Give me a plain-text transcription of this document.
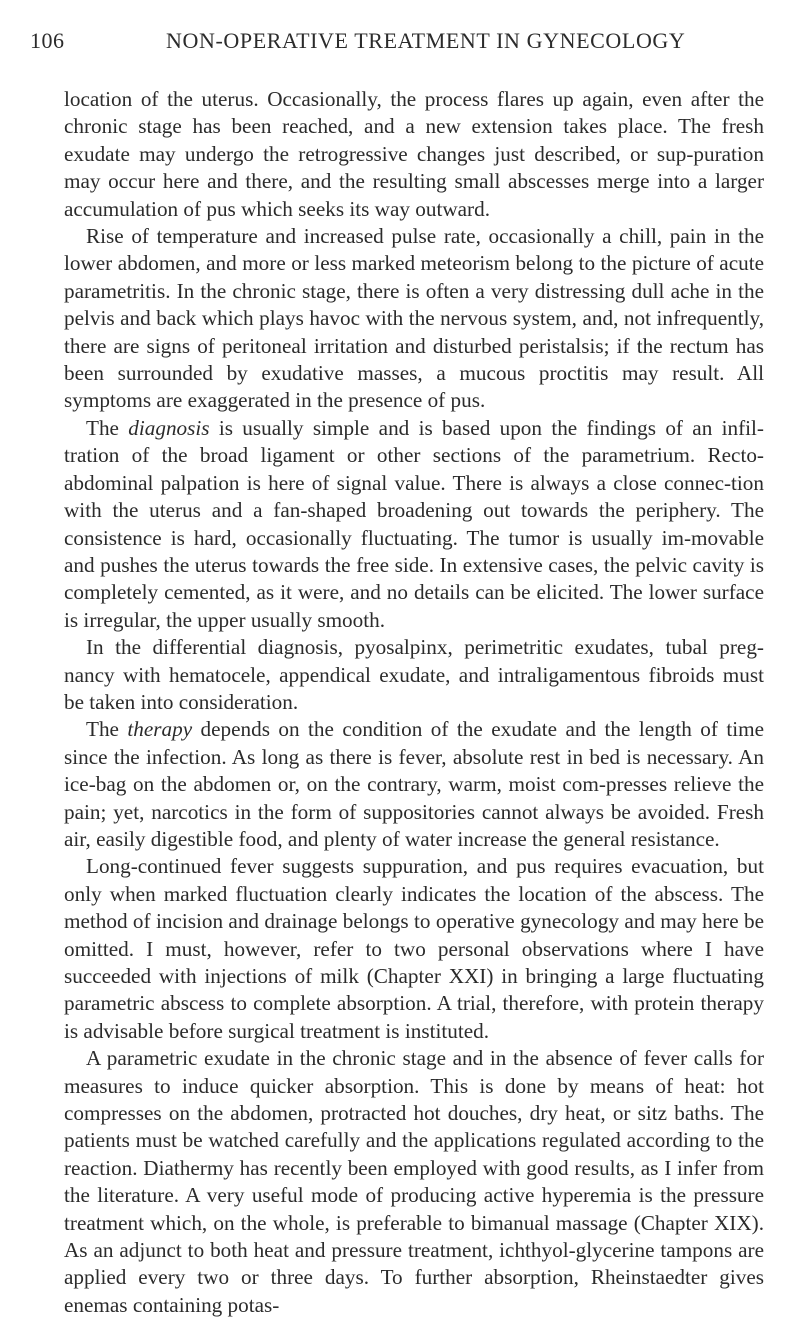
106	NON-OPERATIVE TREATMENT IN GYNECOLOGY

location of the uterus. Occasionally, the process flares up again, even after the chronic stage has been reached, and a new extension takes place. The fresh exudate may undergo the retrogressive changes just described, or sup-puration may occur here and there, and the resulting small abscesses merge into a larger accumulation of pus which seeks its way outward.

Rise of temperature and increased pulse rate, occasionally a chill, pain in the lower abdomen, and more or less marked meteorism belong to the picture of acute parametritis. In the chronic stage, there is often a very distressing dull ache in the pelvis and back which plays havoc with the nervous system, and, not infrequently, there are signs of peritoneal irritation and disturbed peristalsis; if the rectum has been surrounded by exudative masses, a mucous proctitis may result. All symptoms are exaggerated in the presence of pus.

The diagnosis is usually simple and is based upon the findings of an infil-tration of the broad ligament or other sections of the parametrium. Recto-abdominal palpation is here of signal value. There is always a close connec-tion with the uterus and a fan-shaped broadening out towards the periphery. The consistence is hard, occasionally fluctuating. The tumor is usually im-movable and pushes the uterus towards the free side. In extensive cases, the pelvic cavity is completely cemented, as it were, and no details can be elicited. The lower surface is irregular, the upper usually smooth.

In the differential diagnosis, pyosalpinx, perimetritic exudates, tubal preg-nancy with hematocele, appendical exudate, and intraligamentous fibroids must be taken into consideration.

The therapy depends on the condition of the exudate and the length of time since the infection. As long as there is fever, absolute rest in bed is necessary. An ice-bag on the abdomen or, on the contrary, warm, moist com-presses relieve the pain; yet, narcotics in the form of suppositories cannot always be avoided. Fresh air, easily digestible food, and plenty of water increase the general resistance.

Long-continued fever suggests suppuration, and pus requires evacuation, but only when marked fluctuation clearly indicates the location of the abscess. The method of incision and drainage belongs to operative gynecology and may here be omitted. I must, however, refer to two personal observations where I have succeeded with injections of milk (Chapter XXI) in bringing a large fluctuating parametric abscess to complete absorption. A trial, therefore, with protein therapy is advisable before surgical treatment is instituted.

A parametric exudate in the chronic stage and in the absence of fever calls for measures to induce quicker absorption. This is done by means of heat: hot compresses on the abdomen, protracted hot douches, dry heat, or sitz baths. The patients must be watched carefully and the applications regulated according to the reaction. Diathermy has recently been employed with good results, as I infer from the literature. A very useful mode of producing active hyperemia is the pressure treatment which, on the whole, is preferable to bimanual massage (Chapter XIX). As an adjunct to both heat and pressure treatment, ichthyol-glycerine tampons are applied every two or three days. To further absorption, Rheinstaedter gives enemas containing potas-
